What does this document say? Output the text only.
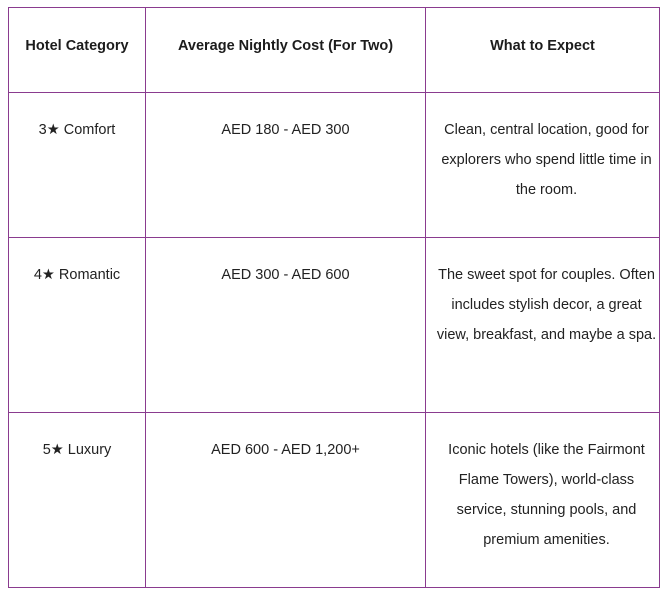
Hotel Category	Average Nightly Cost (For Two)	What to Expect

3★ Comfort	AED 180 - AED 300	Clean, central location, good for explorers who spend little time in the room.

4★ Romantic	AED 300 - AED 600	The sweet spot for couples. Often includes stylish decor, a great view, breakfast, and maybe a spa.

5★ Luxury	AED 600 - AED 1,200+	Iconic hotels (like the Fairmont Flame Towers), world-class service, stunning pools, and premium amenities.
